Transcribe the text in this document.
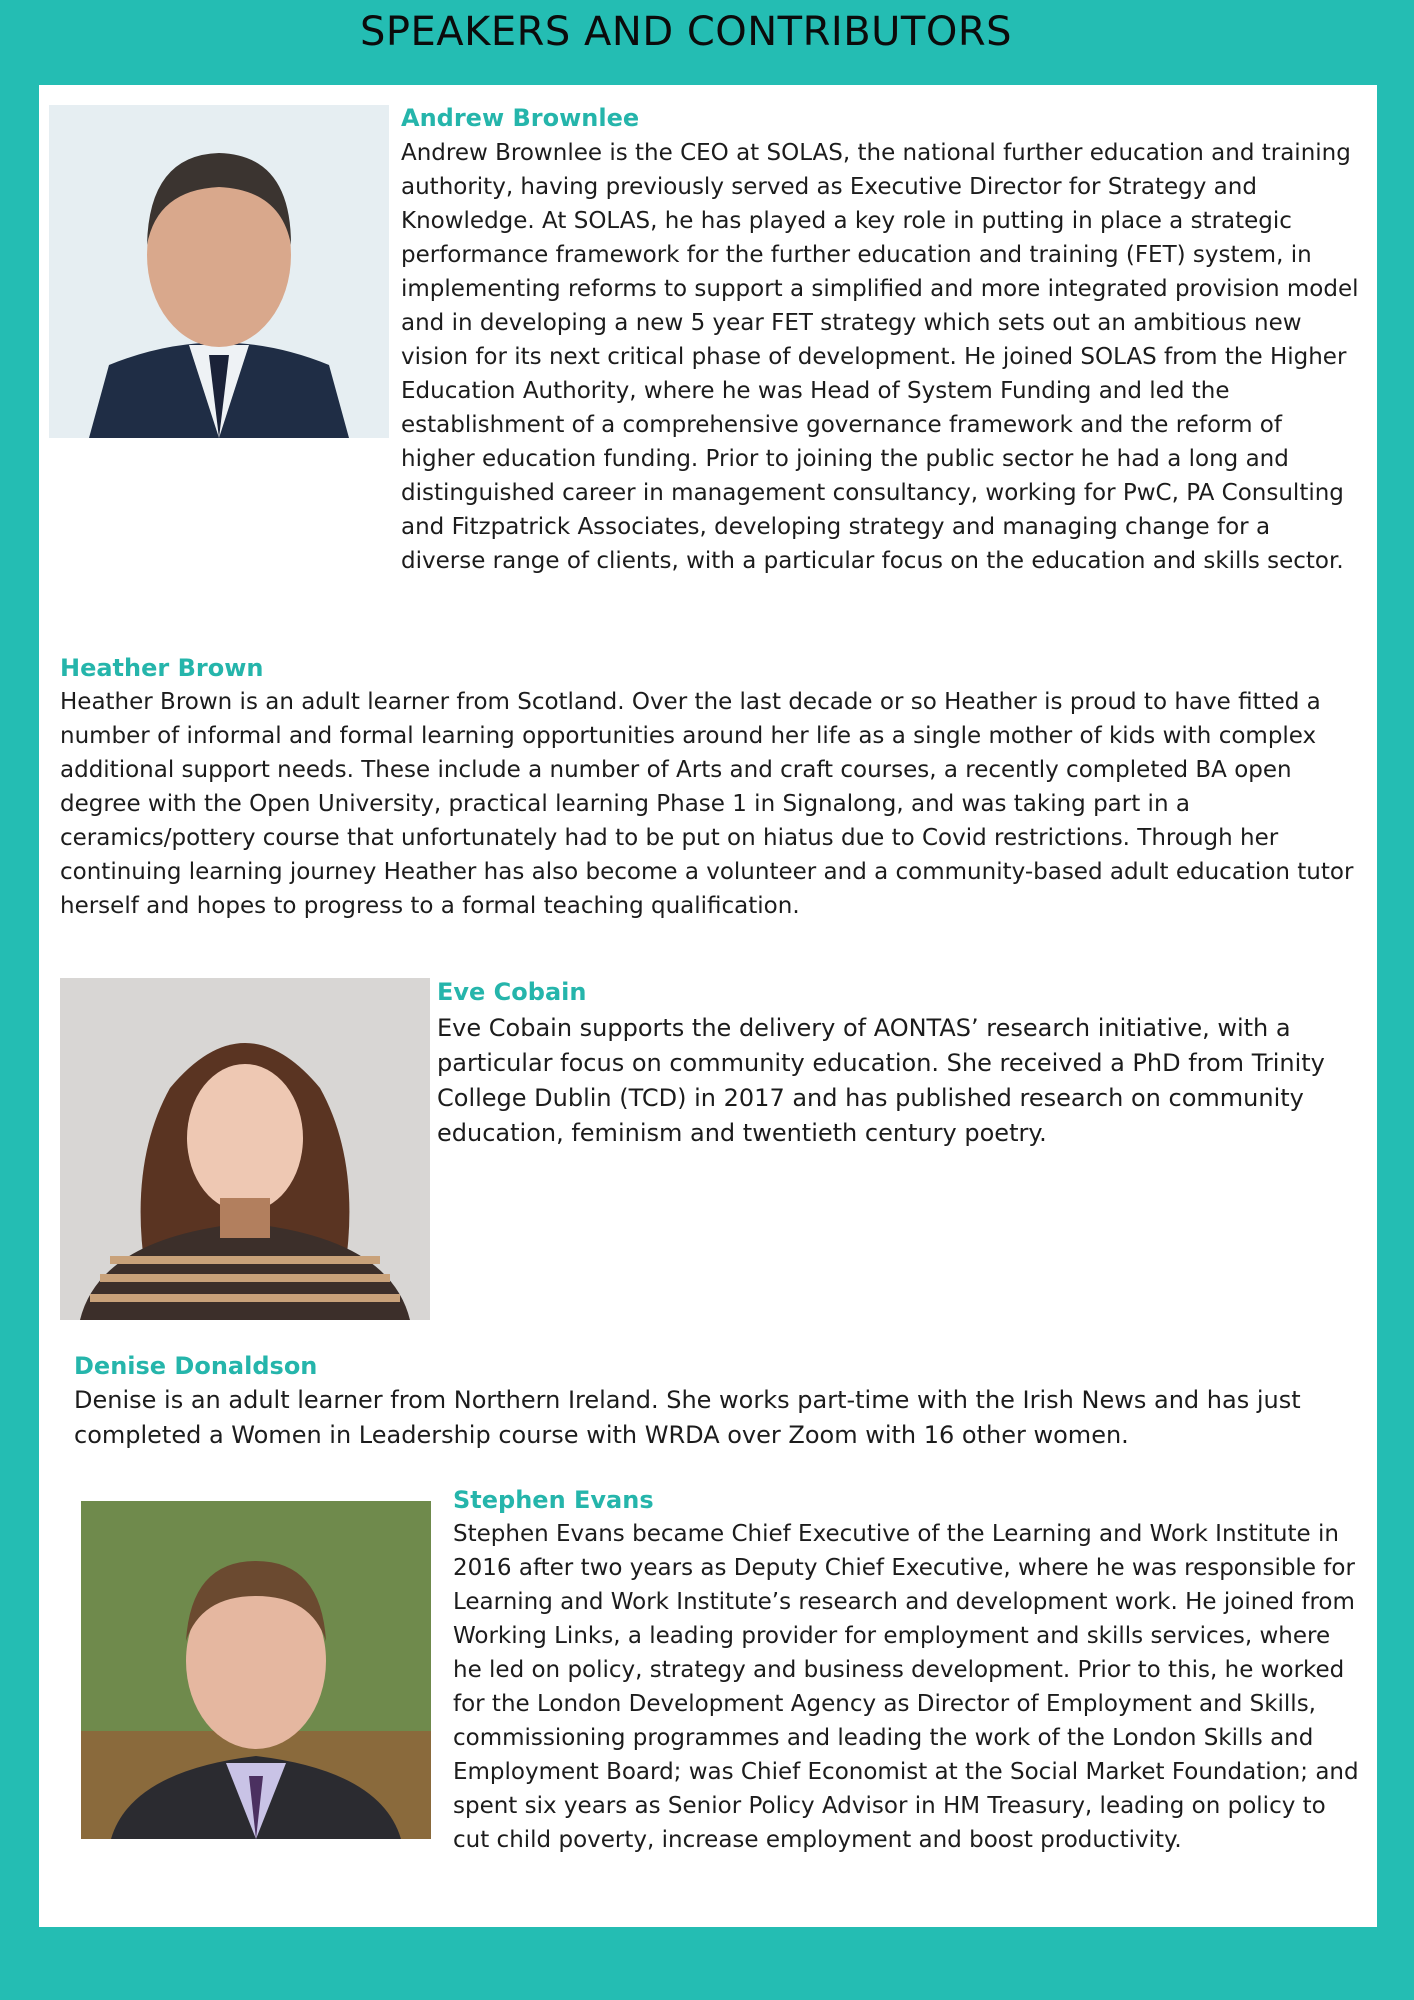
SPEAKERS AND CONTRIBUTORS
Andrew Brownlee

Andrew Brownlee is the CEO at SOLAS, the national further education and training authority, having previously served as Executive Director for Strategy and Knowledge. At SOLAS, he has played a key role in putting in place a strategic performance framework for the further education and training (FET) system, in implementing reforms to support a simplified and more integrated provision model and in developing a new 5 year FET strategy which sets out an ambitious new vision for its next critical phase of development. He joined SOLAS from the Higher Education Authority, where he was Head of System Funding and led the establishment of a comprehensive governance framework and the reform of higher education funding. Prior to joining the public sector he had a long and distinguished career in management consultancy, working for PwC, PA Consulting and Fitzpatrick Associates, developing strategy and managing change for a diverse range of clients, with a particular focus on the education and skills sector.

Heather Brown

Heather Brown is an adult learner from Scotland. Over the last decade or so Heather is proud to have fitted a number of informal and formal learning opportunities around her life as a single mother of kids with complex additional support needs. These include a number of Arts and craft courses, a recently completed BA open degree with the Open University, practical learning Phase 1 in Signalong, and was taking part in a ceramics/pottery course that unfortunately had to be put on hiatus due to Covid restrictions. Through her continuing learning journey Heather has also become a volunteer and a community-based adult education tutor herself and hopes to progress to a formal teaching qualification.

Eve Cobain

Eve Cobain supports the delivery of AONTAS’ research initiative, with a particular focus on community education. She received a PhD from Trinity College Dublin (TCD) in 2017 and has published research on community education, feminism and twentieth century poetry.

Denise Donaldson

Denise is an adult learner from Northern Ireland. She works part-time with the Irish News and has just completed a Women in Leadership course with WRDA over Zoom with 16 other women.

Stephen Evans

Stephen Evans became Chief Executive of the Learning and Work Institute in 2016 after two years as Deputy Chief Executive, where he was responsible for Learning and Work Institute’s research and development work. He joined from Working Links, a leading provider for employment and skills services, where he led on policy, strategy and business development. Prior to this, he worked for the London Development Agency as Director of Employment and Skills, commissioning programmes and leading the work of the London Skills and Employment Board; was Chief Economist at the Social Market Foundation; and spent six years as Senior Policy Advisor in HM Treasury, leading on policy to cut child poverty, increase employment and boost productivity.
